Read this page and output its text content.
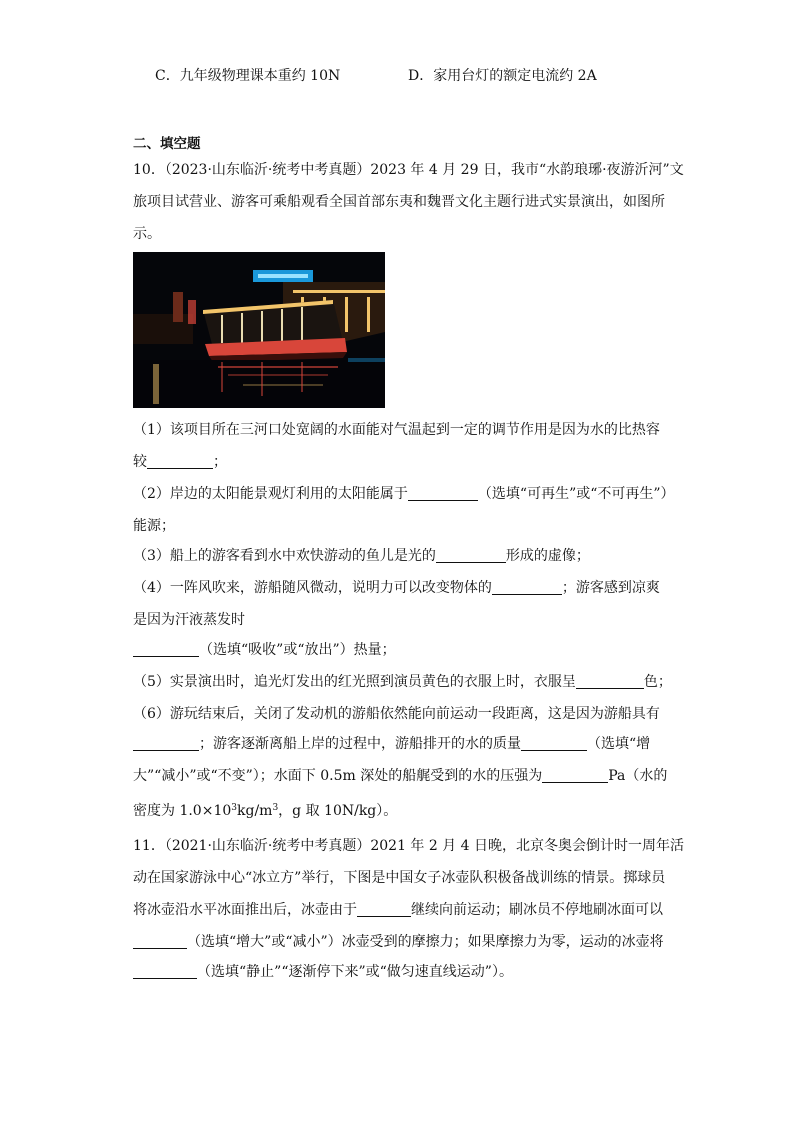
C．九年级物理课本重约 10N	D．家用台灯的额定电流约 2A
二、填空题
10．（2023·山东临沂·统考中考真题）2023 年 4 月 29 日，我市“水韵琅琊·夜游沂河”文
旅项目试营业、游客可乘船观看全国首部东夷和魏晋文化主题行进式实景演出，如图所
示。
（1）该项目所在三河口处宽阔的水面能对气温起到一定的调节作用是因为水的比热容
较	；
（2）岸边的太阳能景观灯利用的太阳能属于	（选填“可再生”或“不可再生”）
能源；
（3）船上的游客看到水中欢快游动的鱼儿是光的	形成的虚像；
（4）一阵风吹来，游船随风微动，说明力可以改变物体的	；游客感到凉爽
是因为汗液蒸发时
（选填“吸收”或“放出”）热量；
（5）实景演出时，追光灯发出的红光照到演员黄色的衣服上时，衣服呈	色；
（6）游玩结束后，关闭了发动机的游船依然能向前运动一段距离，这是因为游船具有
；游客逐渐离船上岸的过程中，游船排开的水的质量	（选填“增
大”“减小”或“不变”）；水面下 0.5m 深处的船艉受到的水的压强为	Pa（水的
密度为 $1.0\times 10^3kg/m^3$，g 取 10N/kg）。
11．（2021·山东临沂·统考中考真题）2021 年 2 月 4 日晚，北京冬奥会倒计时一周年活
动在国家游泳中心“冰立方”举行，下图是中国女子冰壶队积极备战训练的情景。掷球员
将冰壶沿水平冰面推出后，冰壶由于	继续向前运动；刷冰员不停地刷冰面可以
（选填“增大”或“减小”）冰壶受到的摩擦力；如果摩擦力为零，运动的冰壶将
（选填“静止”“逐渐停下来”或“做匀速直线运动”）。
